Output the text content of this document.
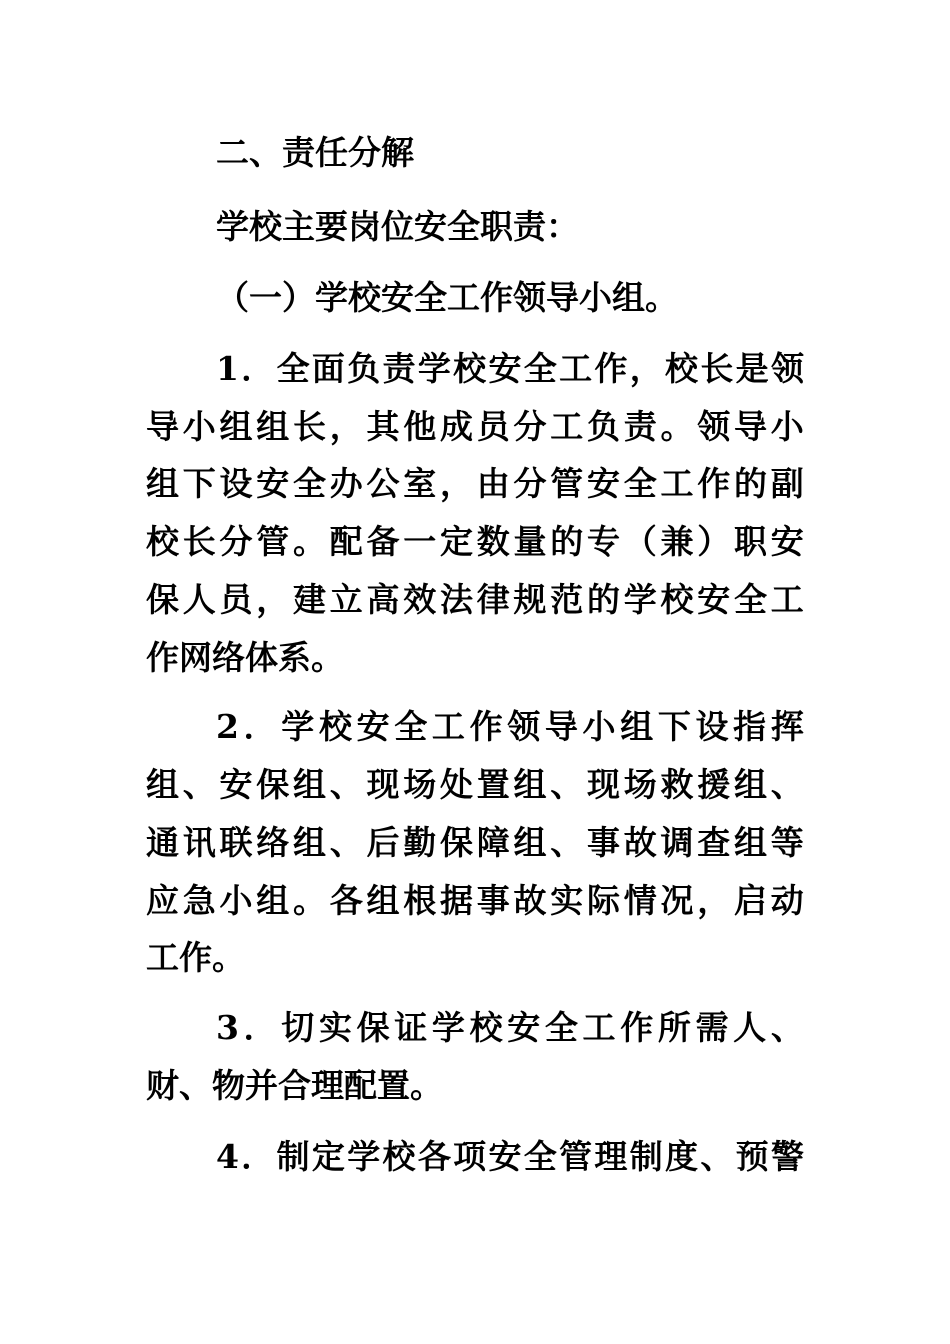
二、责任分解
学校主要岗位安全职责：
（一）学校安全工作领导小组。
1 ． 全 面 负 责 学 校 安 全 工 作 ， 校 长 是 领
导 小 组 组 长 ， 其 他 成 员 分 工 负 责 。 领 导 小
组 下 设 安 全 办 公 室 ， 由 分 管 安 全 工 作 的 副
校 长 分 管 。 配 备 一 定 数 量 的 专 （ 兼 ） 职 安
保 人 员 ， 建 立 高 效 法 律 规 范 的 学 校 安 全 工
作网络体系。
2 ． 学 校 安 全 工 作 领 导 小 组 下 设 指 挥
组 、 安 保 组 、 现 场 处 置 组 、 现 场 救 援 组 、
通 讯 联 络 组 、 后 勤 保 障 组 、 事 故 调 查 组 等
应 急 小 组 。 各 组 根 据 事 故 实 际 情 况 ， 启 动
工作。
3 ． 切 实 保 证 学 校 安 全 工 作 所 需 人 、
财、物并合理配置。
4 ． 制 定 学 校 各 项 安 全 管 理 制 度 、 预 警
